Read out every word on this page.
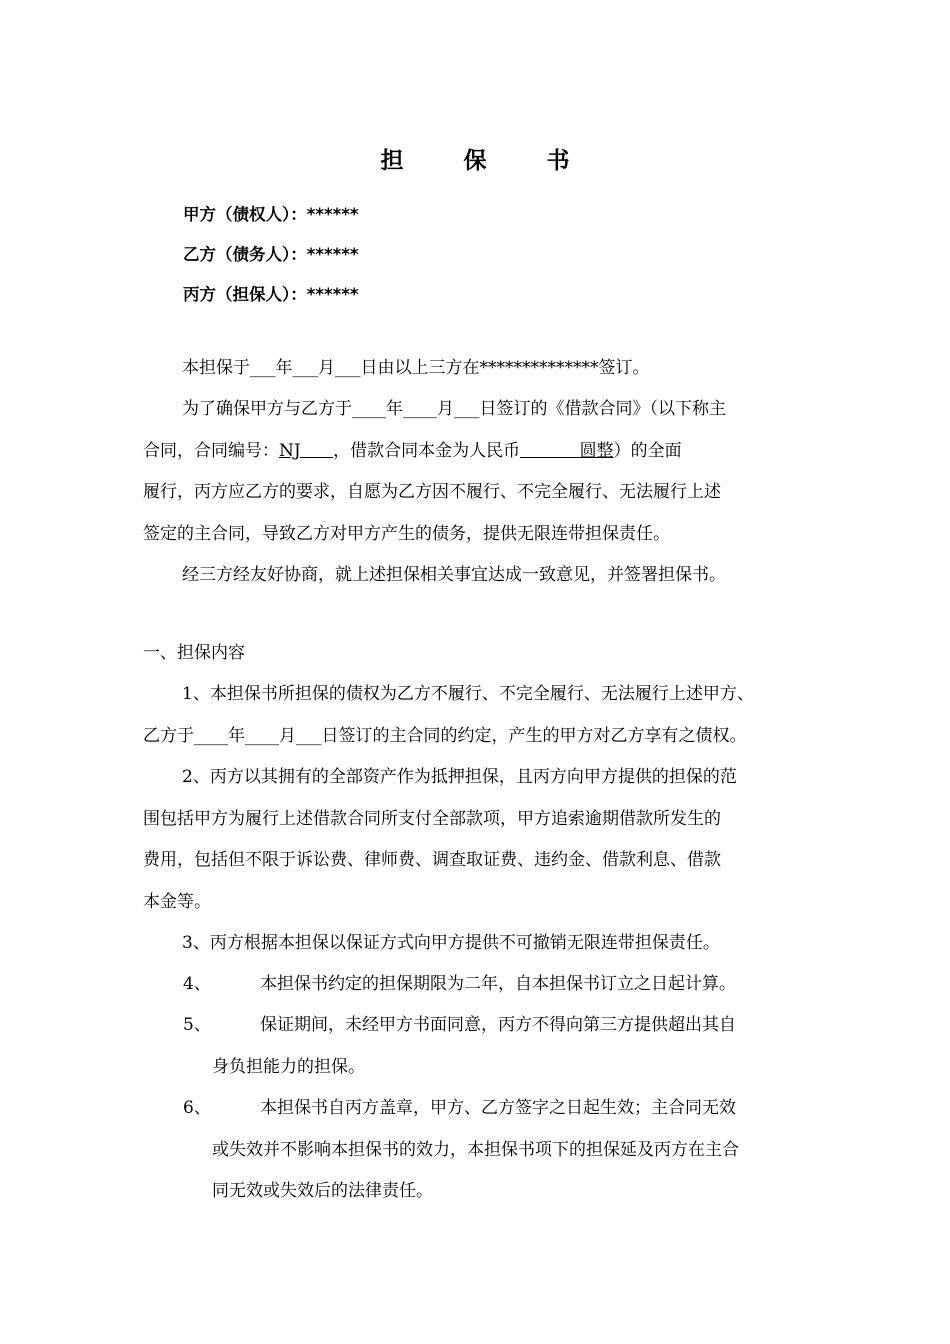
担 保 书
甲方（债权人）：******
乙方（债务人）：******
丙方（担保人）：******
本担保于___年___月___日由以上三方在**************签订。
为了确保甲方与乙方于____年____月___日签订的《借款合同》（以下称主
合同，合同编号：NJ      ，借款合同本金为人民币           圆整）的全面
履行，丙方应乙方的要求，自愿为乙方因不履行、不完全履行、无法履行上述
签定的主合同，导致乙方对甲方产生的债务，提供无限连带担保责任。
经三方经友好协商，就上述担保相关事宜达成一致意见，并签署担保书。
一、担保内容
1、本担保书所担保的债权为乙方不履行、不完全履行、无法履行上述甲方、
乙方于____年____月___日签订的主合同的约定，产生的甲方对乙方享有之债权。
2、丙方以其拥有的全部资产作为抵押担保，且丙方向甲方提供的担保的范
围包括甲方为履行上述借款合同所支付全部款项，甲方追索逾期借款所发生的
费用，包括但不限于诉讼费、律师费、调查取证费、违约金、借款利息、借款
本金等。
3、丙方根据本担保以保证方式向甲方提供不可撤销无限连带担保责任。
4、	本担保书约定的担保期限为二年，自本担保书订立之日起计算。
5、	保证期间，未经甲方书面同意，丙方不得向第三方提供超出其自
身负担能力的担保。
6、	本担保书自丙方盖章，甲方、乙方签字之日起生效；主合同无效
或失效并不影响本担保书的效力，本担保书项下的担保延及丙方在主合
同无效或失效后的法律责任。
